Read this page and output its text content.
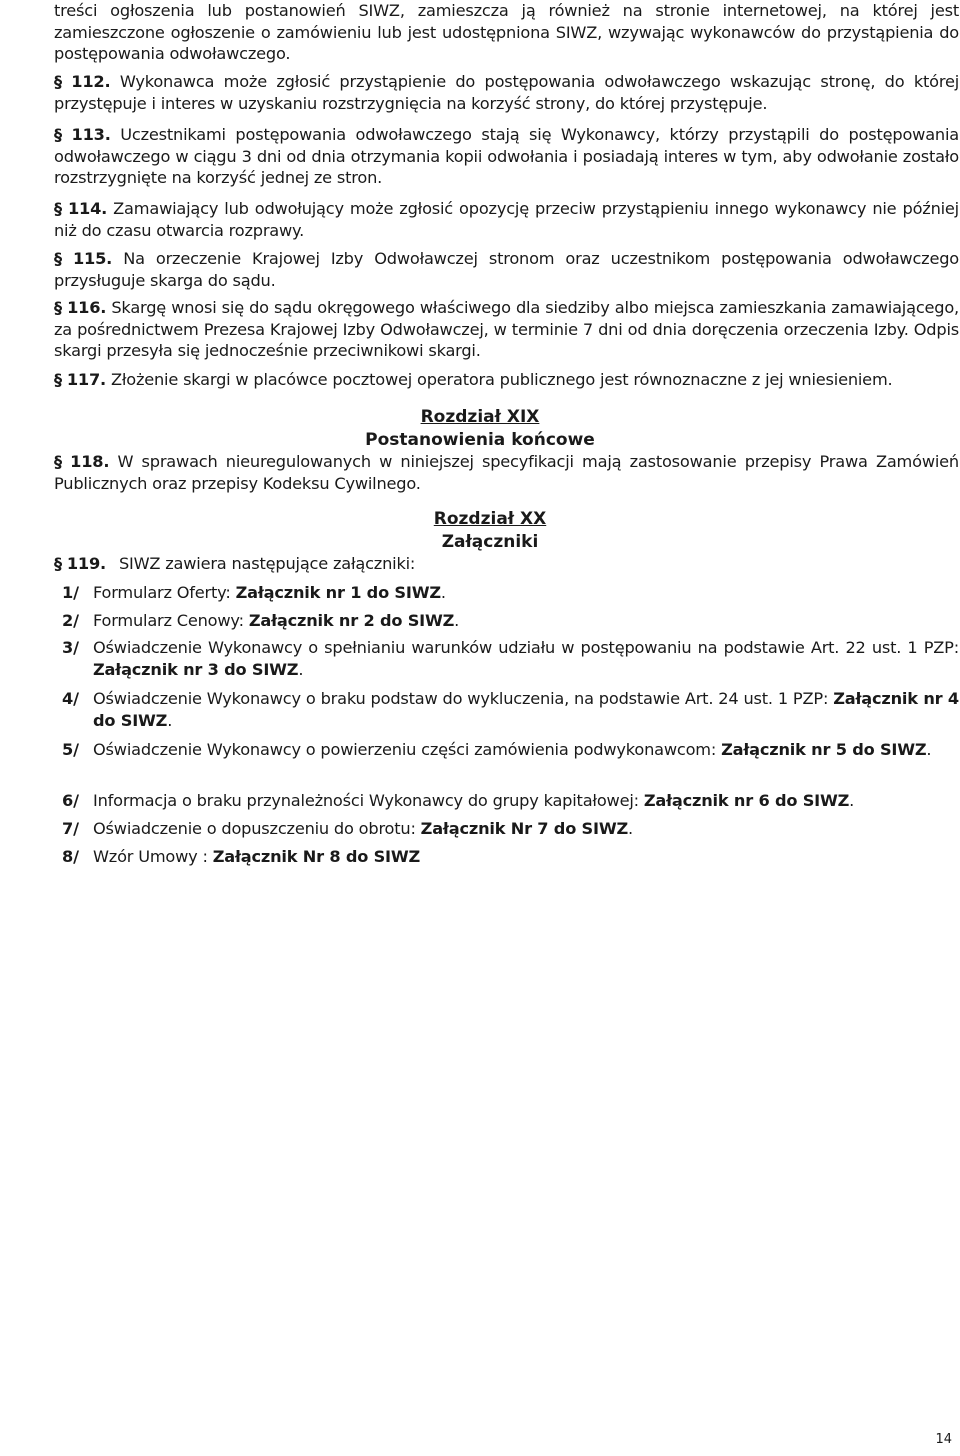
treści ogłoszenia lub postanowień SIWZ, zamieszcza ją również na stronie internetowej, na której jest zamieszczone ogłoszenie o zamówieniu lub jest udostępniona SIWZ, wzywając wykonawców do przystąpienia do postępowania odwoławczego.
§ 112. Wykonawca może zgłosić przystąpienie do postępowania odwoławczego wskazując stronę, do której przystępuje i interes w uzyskaniu rozstrzygnięcia na korzyść strony, do której przystępuje.
§ 113. Uczestnikami postępowania odwoławczego stają się Wykonawcy, którzy przystąpili do postępowania odwoławczego w ciągu 3 dni od dnia otrzymania kopii odwołania i posiadają interes w tym, aby odwołanie zostało rozstrzygnięte na korzyść jednej ze stron.
§ 114. Zamawiający lub odwołujący może zgłosić opozycję przeciw przystąpieniu innego wykonawcy nie później niż do czasu otwarcia rozprawy.
§ 115. Na orzeczenie Krajowej Izby Odwoławczej stronom oraz uczestnikom postępowania odwoławczego przysługuje skarga do sądu.
§ 116. Skargę wnosi się do sądu okręgowego właściwego dla siedziby albo miejsca zamieszkania zamawiającego, za pośrednictwem Prezesa Krajowej Izby Odwoławczej, w terminie 7 dni od dnia doręczenia orzeczenia Izby. Odpis skargi przesyła się jednocześnie przeciwnikowi skargi.
§ 117. Złożenie skargi w placówce pocztowej operatora publicznego jest równoznaczne z jej wniesieniem.
Rozdział XIX
Postanowienia końcowe
§ 118. W sprawach nieuregulowanych w niniejszej specyfikacji mają zastosowanie przepisy Prawa Zamówień Publicznych oraz przepisy Kodeksu Cywilnego.
Rozdział XX
Załączniki
§ 119. SIWZ zawiera następujące załączniki:
1/ Formularz Oferty: Załącznik nr 1 do SIWZ.
2/ Formularz Cenowy: Załącznik nr 2 do SIWZ.
3/ Oświadczenie Wykonawcy o spełnianiu warunków udziału w postępowaniu na podstawie Art. 22 ust. 1 PZP: Załącznik nr 3 do SIWZ.
4/ Oświadczenie Wykonawcy o braku podstaw do wykluczenia, na podstawie Art. 24 ust. 1 PZP: Załącznik nr 4 do SIWZ.
5/ Oświadczenie Wykonawcy o powierzeniu części zamówienia podwykonawcom: Załącznik nr 5 do SIWZ.
6/ Informacja o braku przynależności Wykonawcy do grupy kapitałowej: Załącznik nr 6 do SIWZ.
7/ Oświadczenie o dopuszczeniu do obrotu: Załącznik Nr 7 do SIWZ.
8/ Wzór Umowy : Załącznik Nr 8 do SIWZ
14
